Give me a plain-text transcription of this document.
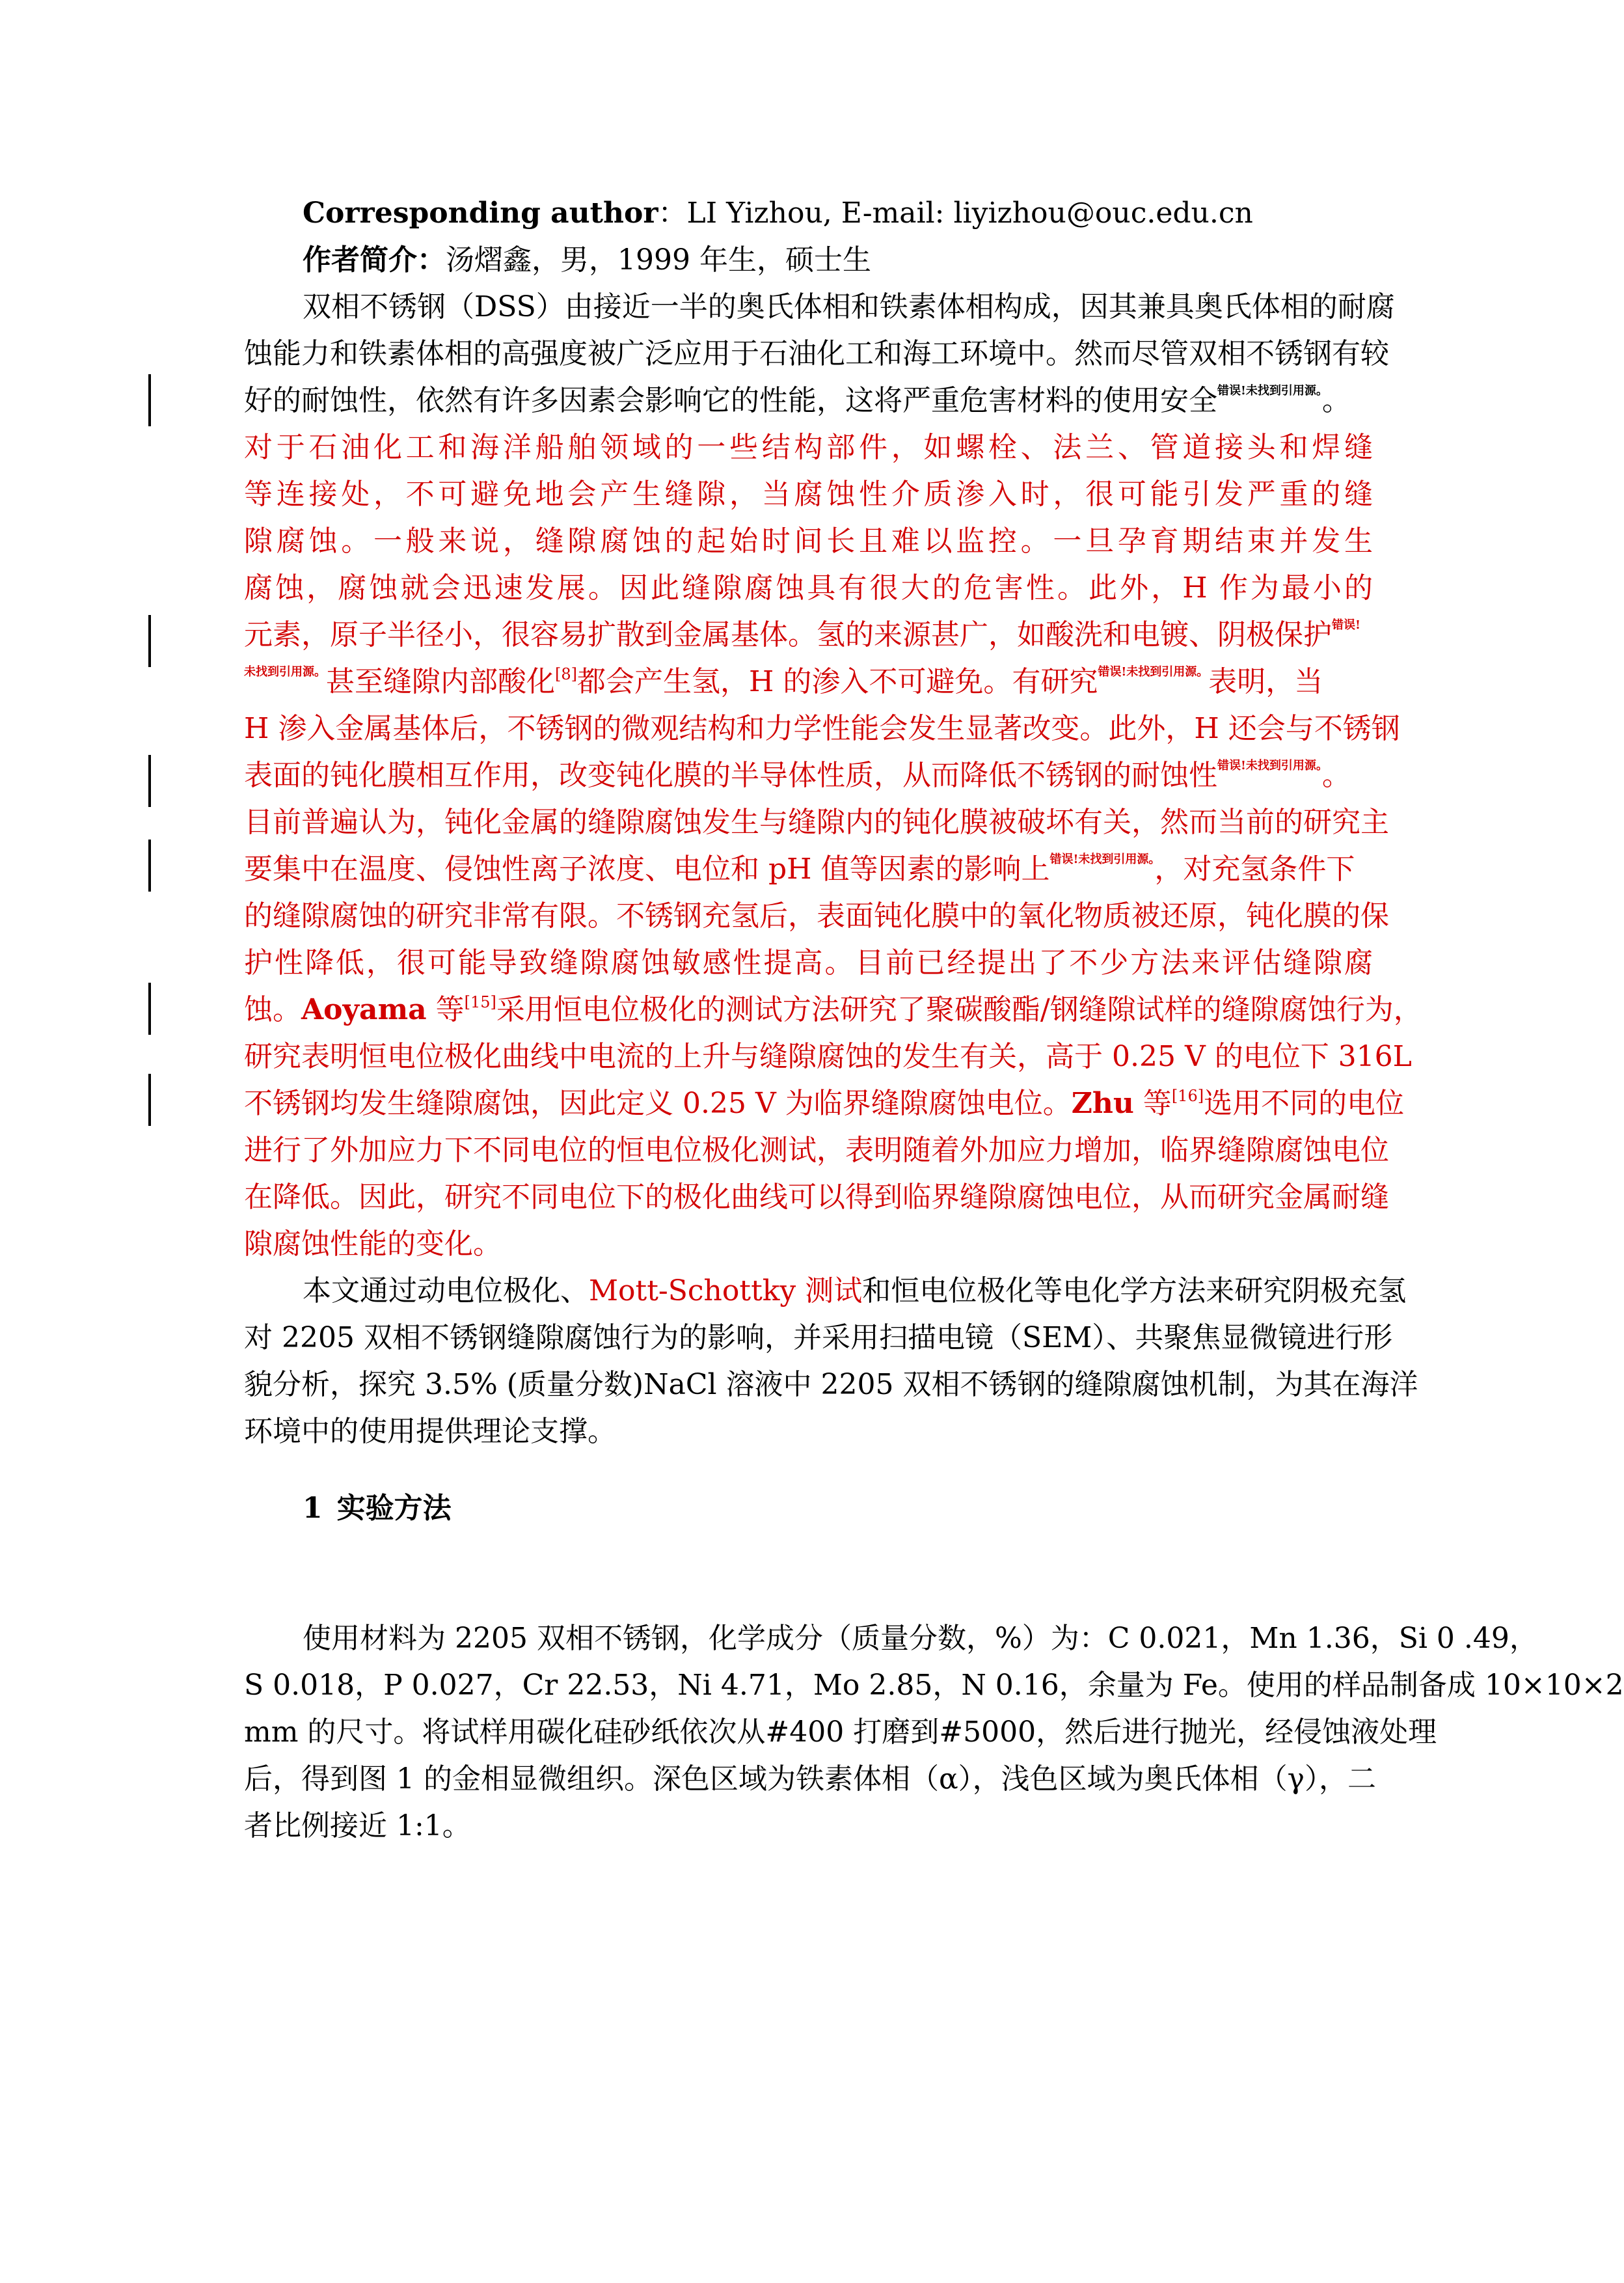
Corresponding author：LI Yizhou, E-mail: liyizhou@ouc.edu.cn
作者简介：汤熠鑫，男，1999 年生，硕士生
双相不锈钢（DSS）由接近一半的奥氏体相和铁素体相构成，因其兼具奥氏体相的耐腐
蚀能力和铁素体相的高强度被广泛应用于石油化工和海工环境中。然而尽管双相不锈钢有较
好的耐蚀性，依然有许多因素会影响它的性能，这将严重危害材料的使用安全$^{错误!未找到引用源。}$。
对于石油化工和海洋船舶领域的一些结构部件，如螺栓、法兰、管道接头和焊缝
等连接处，不可避免地会产生缝隙，当腐蚀性介质渗入时，很可能引发严重的缝
隙腐蚀。一般来说，缝隙腐蚀的起始时间长且难以监控。一旦孕育期结束并发生
腐蚀，腐蚀就会迅速发展。因此缝隙腐蚀具有很大的危害性。此外，H 作为最小的
元素，原子半径小，很容易扩散到金属基体。氢的来源甚广，如酸洗和电镀、阴极保护$^{错误!}$
$^{未找到引用源。}$甚至缝隙内部酸化[8]都会产生氢，H 的渗入不可避免。有研究$^{错误!未找到引用源。}$表明，当
H 渗入金属基体后，不锈钢的微观结构和力学性能会发生显著改变。此外，H 还会与不锈钢
表面的钝化膜相互作用，改变钝化膜的半导体性质，从而降低不锈钢的耐蚀性$^{错误!未找到引用源。}$。
目前普遍认为，钝化金属的缝隙腐蚀发生与缝隙内的钝化膜被破坏有关，然而当前的研究主
要集中在温度、侵蚀性离子浓度、电位和 pH 值等因素的影响上$^{错误!未找到引用源。}$，对充氢条件下
的缝隙腐蚀的研究非常有限。不锈钢充氢后，表面钝化膜中的氧化物质被还原，钝化膜的保
护性降低，很可能导致缝隙腐蚀敏感性提高。目前已经提出了不少方法来评估缝隙腐
蚀。Aoyama 等[15]采用恒电位极化的测试方法研究了聚碳酸酯/钢缝隙试样的缝隙腐蚀行为，
研究表明恒电位极化曲线中电流的上升与缝隙腐蚀的发生有关，高于 0.25 V 的电位下 316L
不锈钢均发生缝隙腐蚀，因此定义 0.25 V 为临界缝隙腐蚀电位。Zhu 等[16]选用不同的电位
进行了外加应力下不同电位的恒电位极化测试，表明随着外加应力增加，临界缝隙腐蚀电位
在降低。因此，研究不同电位下的极化曲线可以得到临界缝隙腐蚀电位，从而研究金属耐缝
隙腐蚀性能的变化。
本文通过动电位极化、Mott-Schottky 测试和恒电位极化等电化学方法来研究阴极充氢
对 2205 双相不锈钢缝隙腐蚀行为的影响，并采用扫描电镜（SEM）、共聚焦显微镜进行形
貌分析，探究 3.5% (质量分数)NaCl 溶液中 2205 双相不锈钢的缝隙腐蚀机制，为其在海洋
环境中的使用提供理论支撑。
1  实验方法
使用材料为 2205 双相不锈钢，化学成分（质量分数，%）为：C 0.021，Mn 1.36，Si 0 .49，
S 0.018，P 0.027，Cr 22.53，Ni 4.71，Mo 2.85，N 0.16，余量为 Fe。使用的样品制备成 10×10×2
mm 的尺寸。将试样用碳化硅砂纸依次从#400 打磨到#5000，然后进行抛光，经侵蚀液处理
后，得到图 1 的金相显微组织。深色区域为铁素体相（α），浅色区域为奥氏体相（γ），二
者比例接近 1:1。
